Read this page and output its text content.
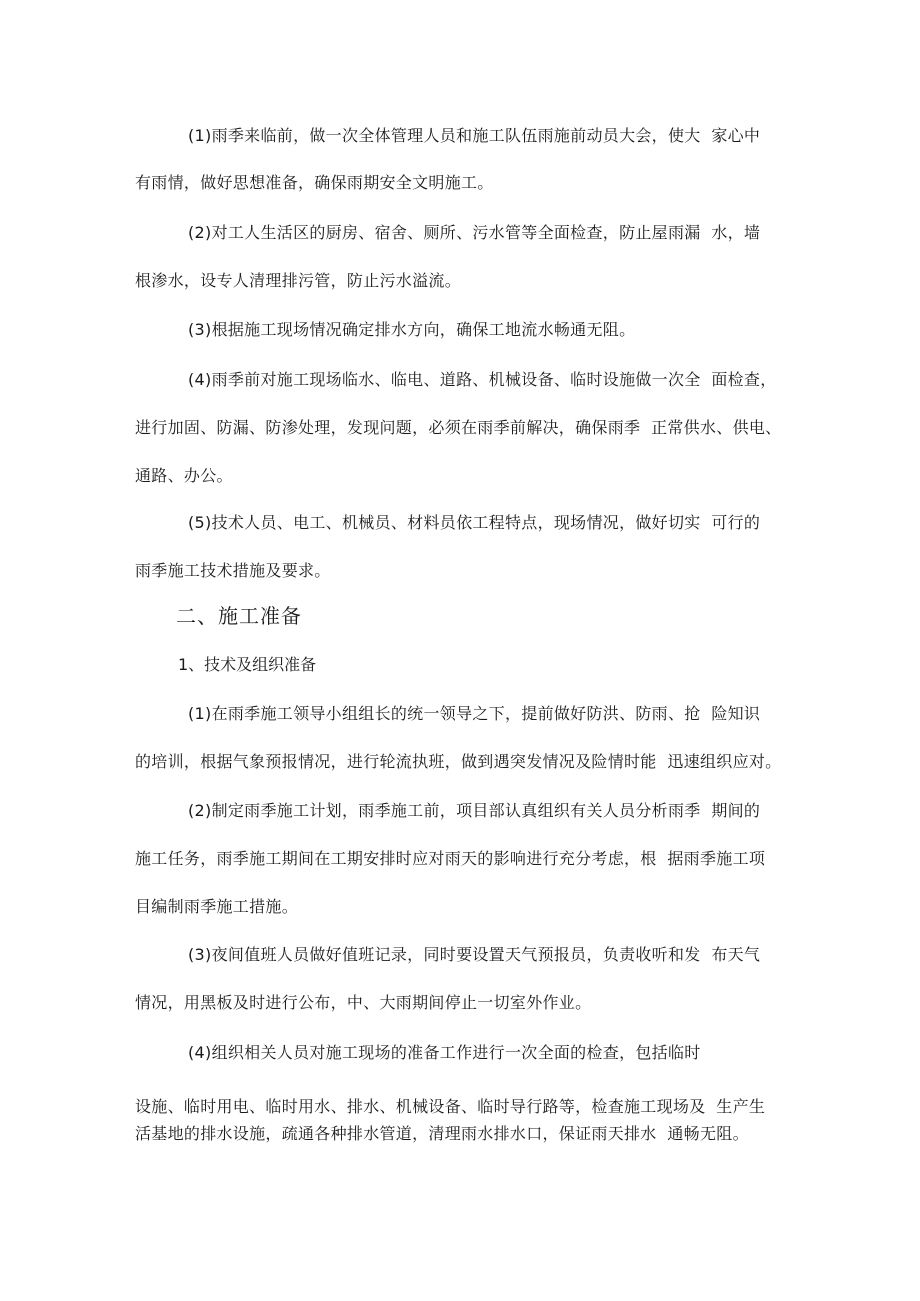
(1)雨季来临前，做一次全体管理人员和施工队伍雨施前动员大会，使大  家心中
有雨情，做好思想准备，确保雨期安全文明施工。
(2)对工人生活区的厨房、宿舍、厕所、污水管等全面检查，防止屋雨漏  水，墙
根渗水，设专人清理排污管，防止污水溢流。
(3)根据施工现场情况确定排水方向，确保工地流水畅通无阻。
(4)雨季前对施工现场临水、临电、道路、机械设备、临时设施做一次全  面检查，
进行加固、防漏、防渗处理，发现问题，必须在雨季前解决，确保雨季  正常供水、供电、
通路、办公。
(5)技术人员、电工、机械员、材料员依工程特点，现场情况，做好切实  可行的
雨季施工技术措施及要求。
二、施工准备
1、技术及组织准备
(1)在雨季施工领导小组组长的统一领导之下，提前做好防洪、防雨、抢  险知识
的培训，根据气象预报情况，进行轮流执班，做到遇突发情况及险情时能  迅速组织应对。
(2)制定雨季施工计划，雨季施工前，项目部认真组织有关人员分析雨季  期间的
施工任务，雨季施工期间在工期安排时应对雨天的影响进行充分考虑，根  据雨季施工项
目编制雨季施工措施。
(3)夜间值班人员做好值班记录，同时要设置天气预报员，负责收听和发  布天气
情况，用黑板及时进行公布，中、大雨期间停止一切室外作业。
(4)组织相关人员对施工现场的准备工作进行一次全面的检查，包括临时
设施、临时用电、临时用水、排水、机械设备、临时导行路等，检查施工现场及  生产生
活基地的排水设施，疏通各种排水管道，清理雨水排水口，保证雨天排水  通畅无阻。
